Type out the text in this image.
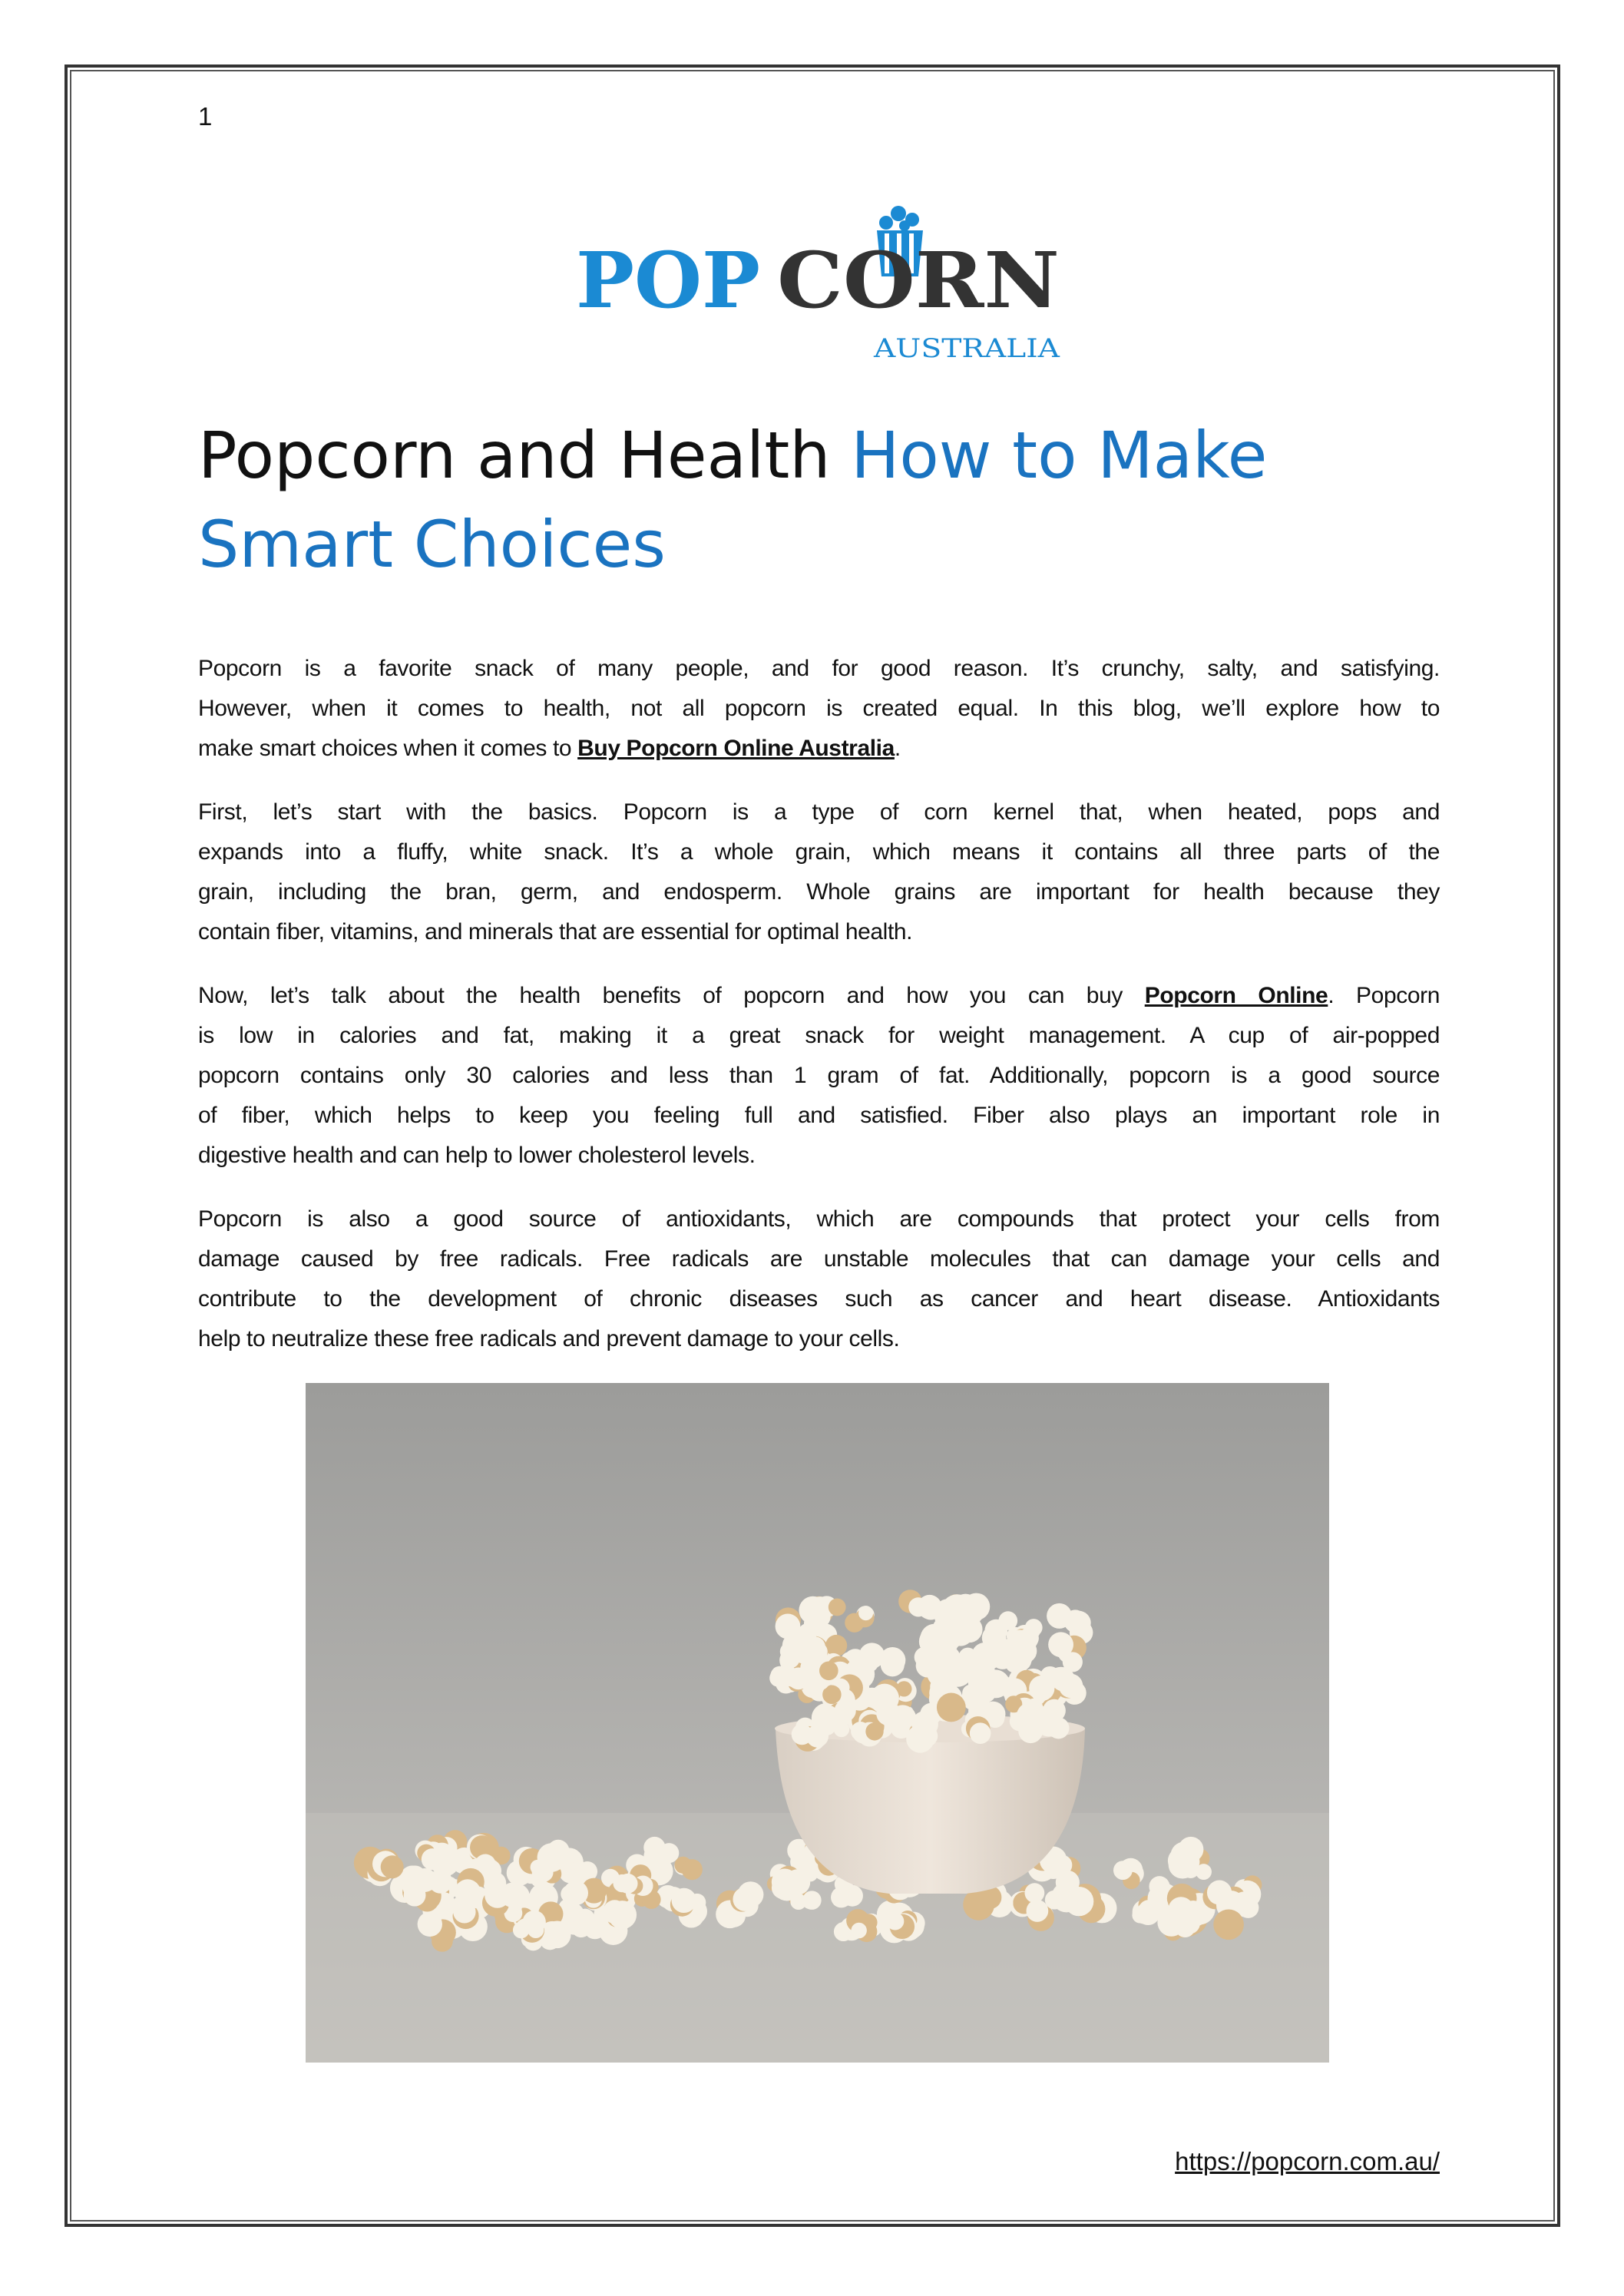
1
POP CORN
AUSTRALIA
Popcorn and Health How to Make
Smart Choices
Popcorn is a favorite snack of many people, and for good reason. It’s crunchy, salty, and satisfying.
However, when it comes to health, not all popcorn is created equal. In this blog, we’ll explore how to
make smart choices when it comes to Buy Popcorn Online Australia.
First, let’s start with the basics. Popcorn is a type of corn kernel that, when heated, pops and
expands into a fluffy, white snack. It’s a whole grain, which means it contains all three parts of the
grain, including the bran, germ, and endosperm. Whole grains are important for health because they
contain fiber, vitamins, and minerals that are essential for optimal health.
Now, let’s talk about the health benefits of popcorn and how you can buy Popcorn Online. Popcorn
is low in calories and fat, making it a great snack for weight management. A cup of air-popped
popcorn contains only 30 calories and less than 1 gram of fat. Additionally, popcorn is a good source
of fiber, which helps to keep you feeling full and satisfied. Fiber also plays an important role in
digestive health and can help to lower cholesterol levels.
Popcorn is also a good source of antioxidants, which are compounds that protect your cells from
damage caused by free radicals. Free radicals are unstable molecules that can damage your cells and
contribute to the development of chronic diseases such as cancer and heart disease. Antioxidants
help to neutralize these free radicals and prevent damage to your cells.
https://popcorn.com.au/
